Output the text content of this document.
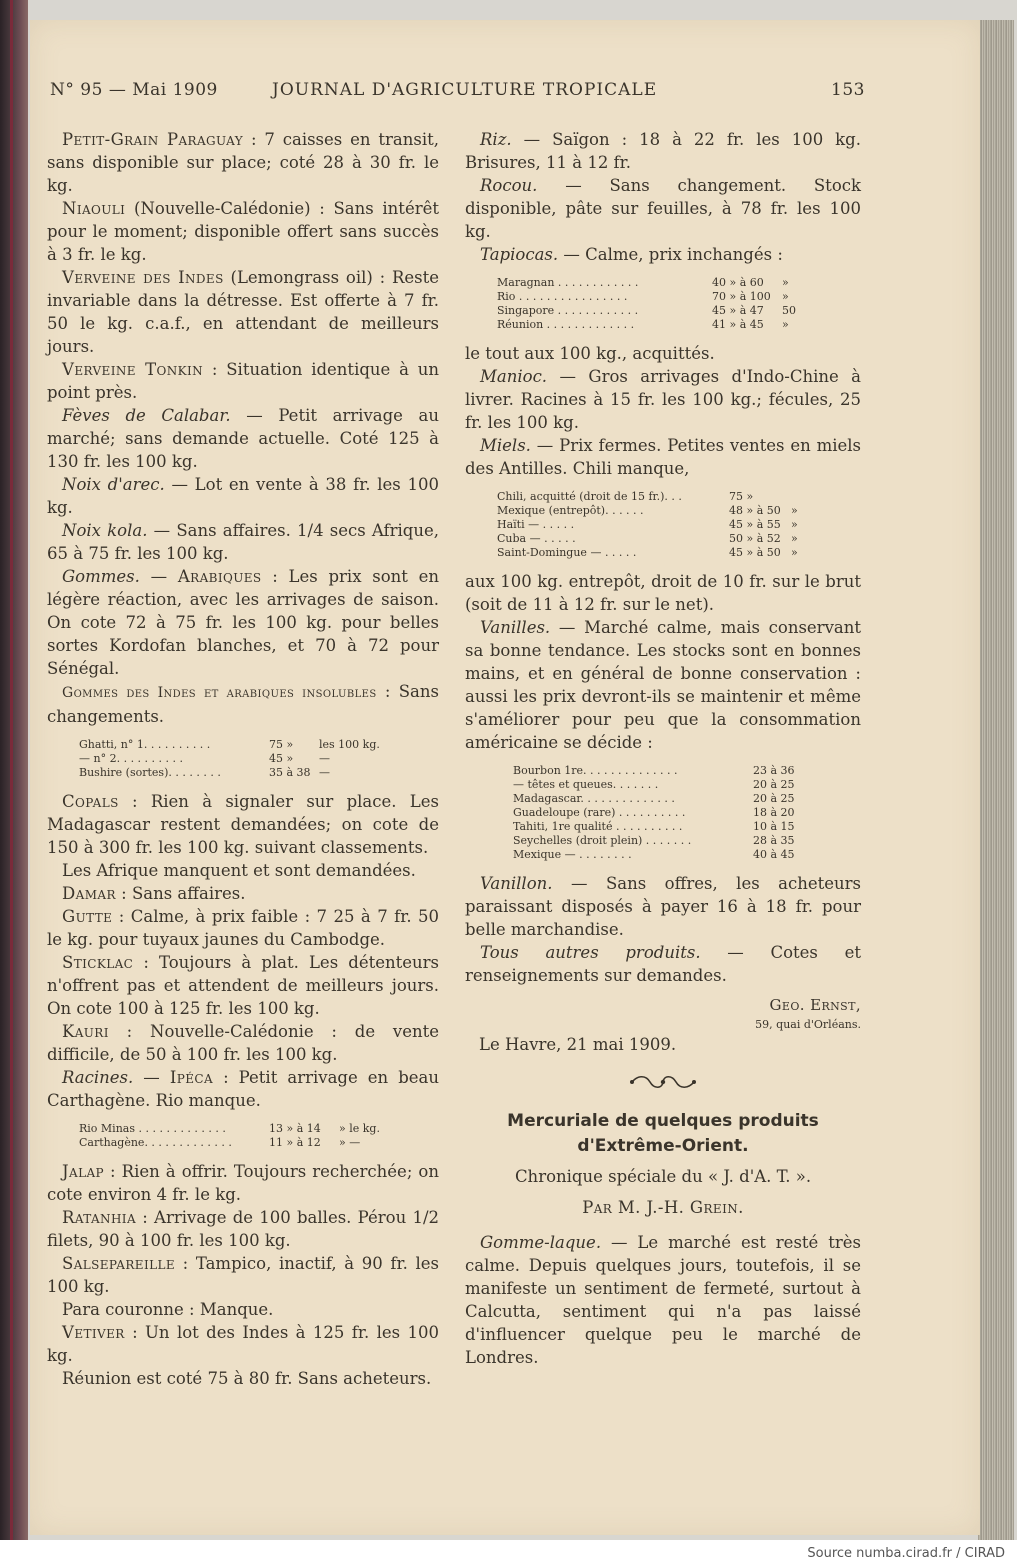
N° 95 — Mai 1909	JOURNAL D'AGRICULTURE TROPICALE	153

Petit-Grain Paraguay : 7 caisses en transit, sans disponible sur place; coté 28 à 30 fr. le kg.

Niaouli (Nouvelle-Calédonie) : Sans intérêt pour le moment; disponible offert sans succès à 3 fr. le kg.

Verveine des Indes (Lemongrass oil) : Reste invariable dans la détresse. Est offerte à 7 fr. 50 le kg. c.a.f., en attendant de meilleurs jours.

Verveine Tonkin : Situation identique à un point près.

Fèves de Calabar. — Petit arrivage au marché; sans demande actuelle. Coté 125 à 130 fr. les 100 kg.

Noix d'arec. — Lot en vente à 38 fr. les 100 kg.

Noix kola. — Sans affaires. 1/4 secs Afrique, 65 à 75 fr. les 100 kg.

Gommes. — Arabiques : Les prix sont en légère réaction, avec les arrivages de saison. On cote 72 à 75 fr. les 100 kg. pour belles sortes Kordofan blanches, et 70 à 72 pour Sénégal.

Gommes des Indes et arabiques insolubles : Sans changements.

Ghatti, n° 1. . . . . . . . . .	75 »	les 100 kg.
— n° 2. . . . . . . . . .	45 »	—
Bushire (sortes). . . . . . . .	35 à 38	—

Copals : Rien à signaler sur place. Les Madagascar restent demandées; on cote de 150 à 300 fr. les 100 kg. suivant classements.

Les Afrique manquent et sont demandées.

Damar : Sans affaires.

Gutte : Calme, à prix faible : 7 25 à 7 fr. 50 le kg. pour tuyaux jaunes du Cambodge.

Sticklac : Toujours à plat. Les détenteurs n'offrent pas et attendent de meilleurs jours. On cote 100 à 125 fr. les 100 kg.

Kauri : Nouvelle-Calédonie : de vente difficile, de 50 à 100 fr. les 100 kg.

Racines. — Ipéca : Petit arrivage en beau Carthagène. Rio manque.

Rio Minas . . . . . . . . . . . . .	13 » à 14	» le kg.
Carthagène. . . . . . . . . . . . .	11 » à 12	» —

Jalap : Rien à offrir. Toujours recherchée; on cote environ 4 fr. le kg.

Ratanhia : Arrivage de 100 balles. Pérou 1/2 filets, 90 à 100 fr. les 100 kg.

Salsepareille : Tampico, inactif, à 90 fr. les 100 kg.

Para couronne : Manque.

Vetiver : Un lot des Indes à 125 fr. les 100 kg.

Réunion est coté 75 à 80 fr. Sans acheteurs.

Riz. — Saïgon : 18 à 22 fr. les 100 kg. Brisures, 11 à 12 fr.

Rocou. — Sans changement. Stock disponible, pâte sur feuilles, à 78 fr. les 100 kg.

Tapiocas. — Calme, prix inchangés :

Maragnan . . . . . . . . . . . .	40 » à 60	»
Rio . . . . . . . . . . . . . . . .	70 » à 100	»
Singapore . . . . . . . . . . . .	45 » à 47	50
Réunion . . . . . . . . . . . . .	41 » à 45	»

le tout aux 100 kg., acquittés.

Manioc. — Gros arrivages d'Indo-Chine à livrer. Racines à 15 fr. les 100 kg.; fécules, 25 fr. les 100 kg.

Miels. — Prix fermes. Petites ventes en miels des Antilles. Chili manque,

Chili, acquitté (droit de 15 fr.). . .	75 »	
Mexique (entrepôt). . . . . .	48 » à 50	»
Haïti — . . . . .	45 » à 55	»
Cuba — . . . . .	50 » à 52	»
Saint-Domingue — . . . . .	45 » à 50	»

aux 100 kg. entrepôt, droit de 10 fr. sur le brut (soit de 11 à 12 fr. sur le net).

Vanilles. — Marché calme, mais conservant sa bonne tendance. Les stocks sont en bonnes mains, et en général de bonne conservation : aussi les prix devront-ils se maintenir et même s'améliorer pour peu que la consommation américaine se décide :

Bourbon 1re. . . . . . . . . . . . . .	23 à 36
— têtes et queues. . . . . . .	20 à 25
Madagascar. . . . . . . . . . . . . .	20 à 25
Guadeloupe (rare) . . . . . . . . . .	18 à 20
Tahiti, 1re qualité . . . . . . . . . .	10 à 15
Seychelles (droit plein) . . . . . . .	28 à 35
Mexique — . . . . . . . .	40 à 45

Vanillon. — Sans offres, les acheteurs paraissant disposés à payer 16 à 18 fr. pour belle marchandise.

Tous autres produits. — Cotes et renseignements sur demandes.

Geo. Ernst,
59, quai d'Orléans.

Le Havre, 21 mai 1909.

Mercuriale de quelques produits
d'Extrême-Orient.
Chronique spéciale du « J. d'A. T. ».
Par M. J.-H. Grein.

Gomme-laque. — Le marché est resté très calme. Depuis quelques jours, toutefois, il se manifeste un sentiment de fermeté, surtout à Calcutta, sentiment qui n'a pas laissé d'influencer quelque peu le marché de Londres.

Source numba.cirad.fr / CIRAD
